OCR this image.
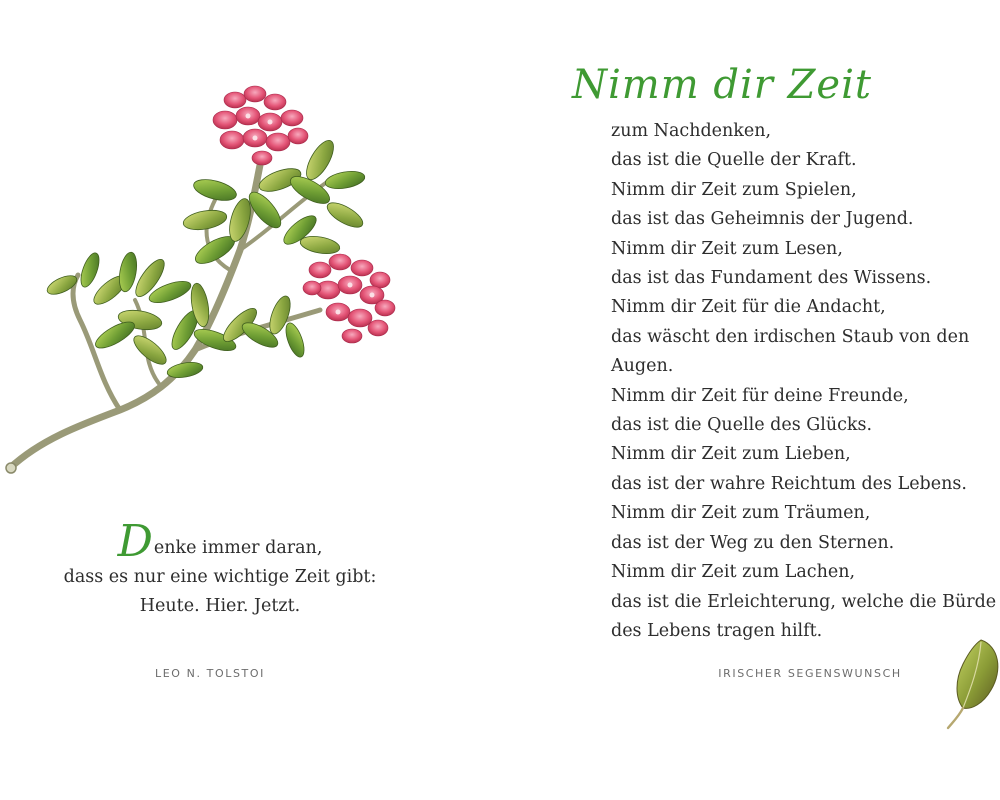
Denke immer daran,
dass es nur eine wichtige Zeit gibt:
Heute. Hier. Jetzt.
LEO N. TOLSTOI
Nimm dir Zeit
zum Nachdenken,
das ist die Quelle der Kraft.
Nimm dir Zeit zum Spielen,
das ist das Geheimnis der Jugend.
Nimm dir Zeit zum Lesen,
das ist das Fundament des Wissens.
Nimm dir Zeit für die Andacht,
das wäscht den irdischen Staub von den
Augen.
Nimm dir Zeit für deine Freunde,
das ist die Quelle des Glücks.
Nimm dir Zeit zum Lieben,
das ist der wahre Reichtum des Lebens.
Nimm dir Zeit zum Träumen,
das ist der Weg zu den Sternen.
Nimm dir Zeit zum Lachen,
das ist die Erleichterung, welche die Bürde
des Lebens tragen hilft.
IRISCHER SEGENSWUNSCH
